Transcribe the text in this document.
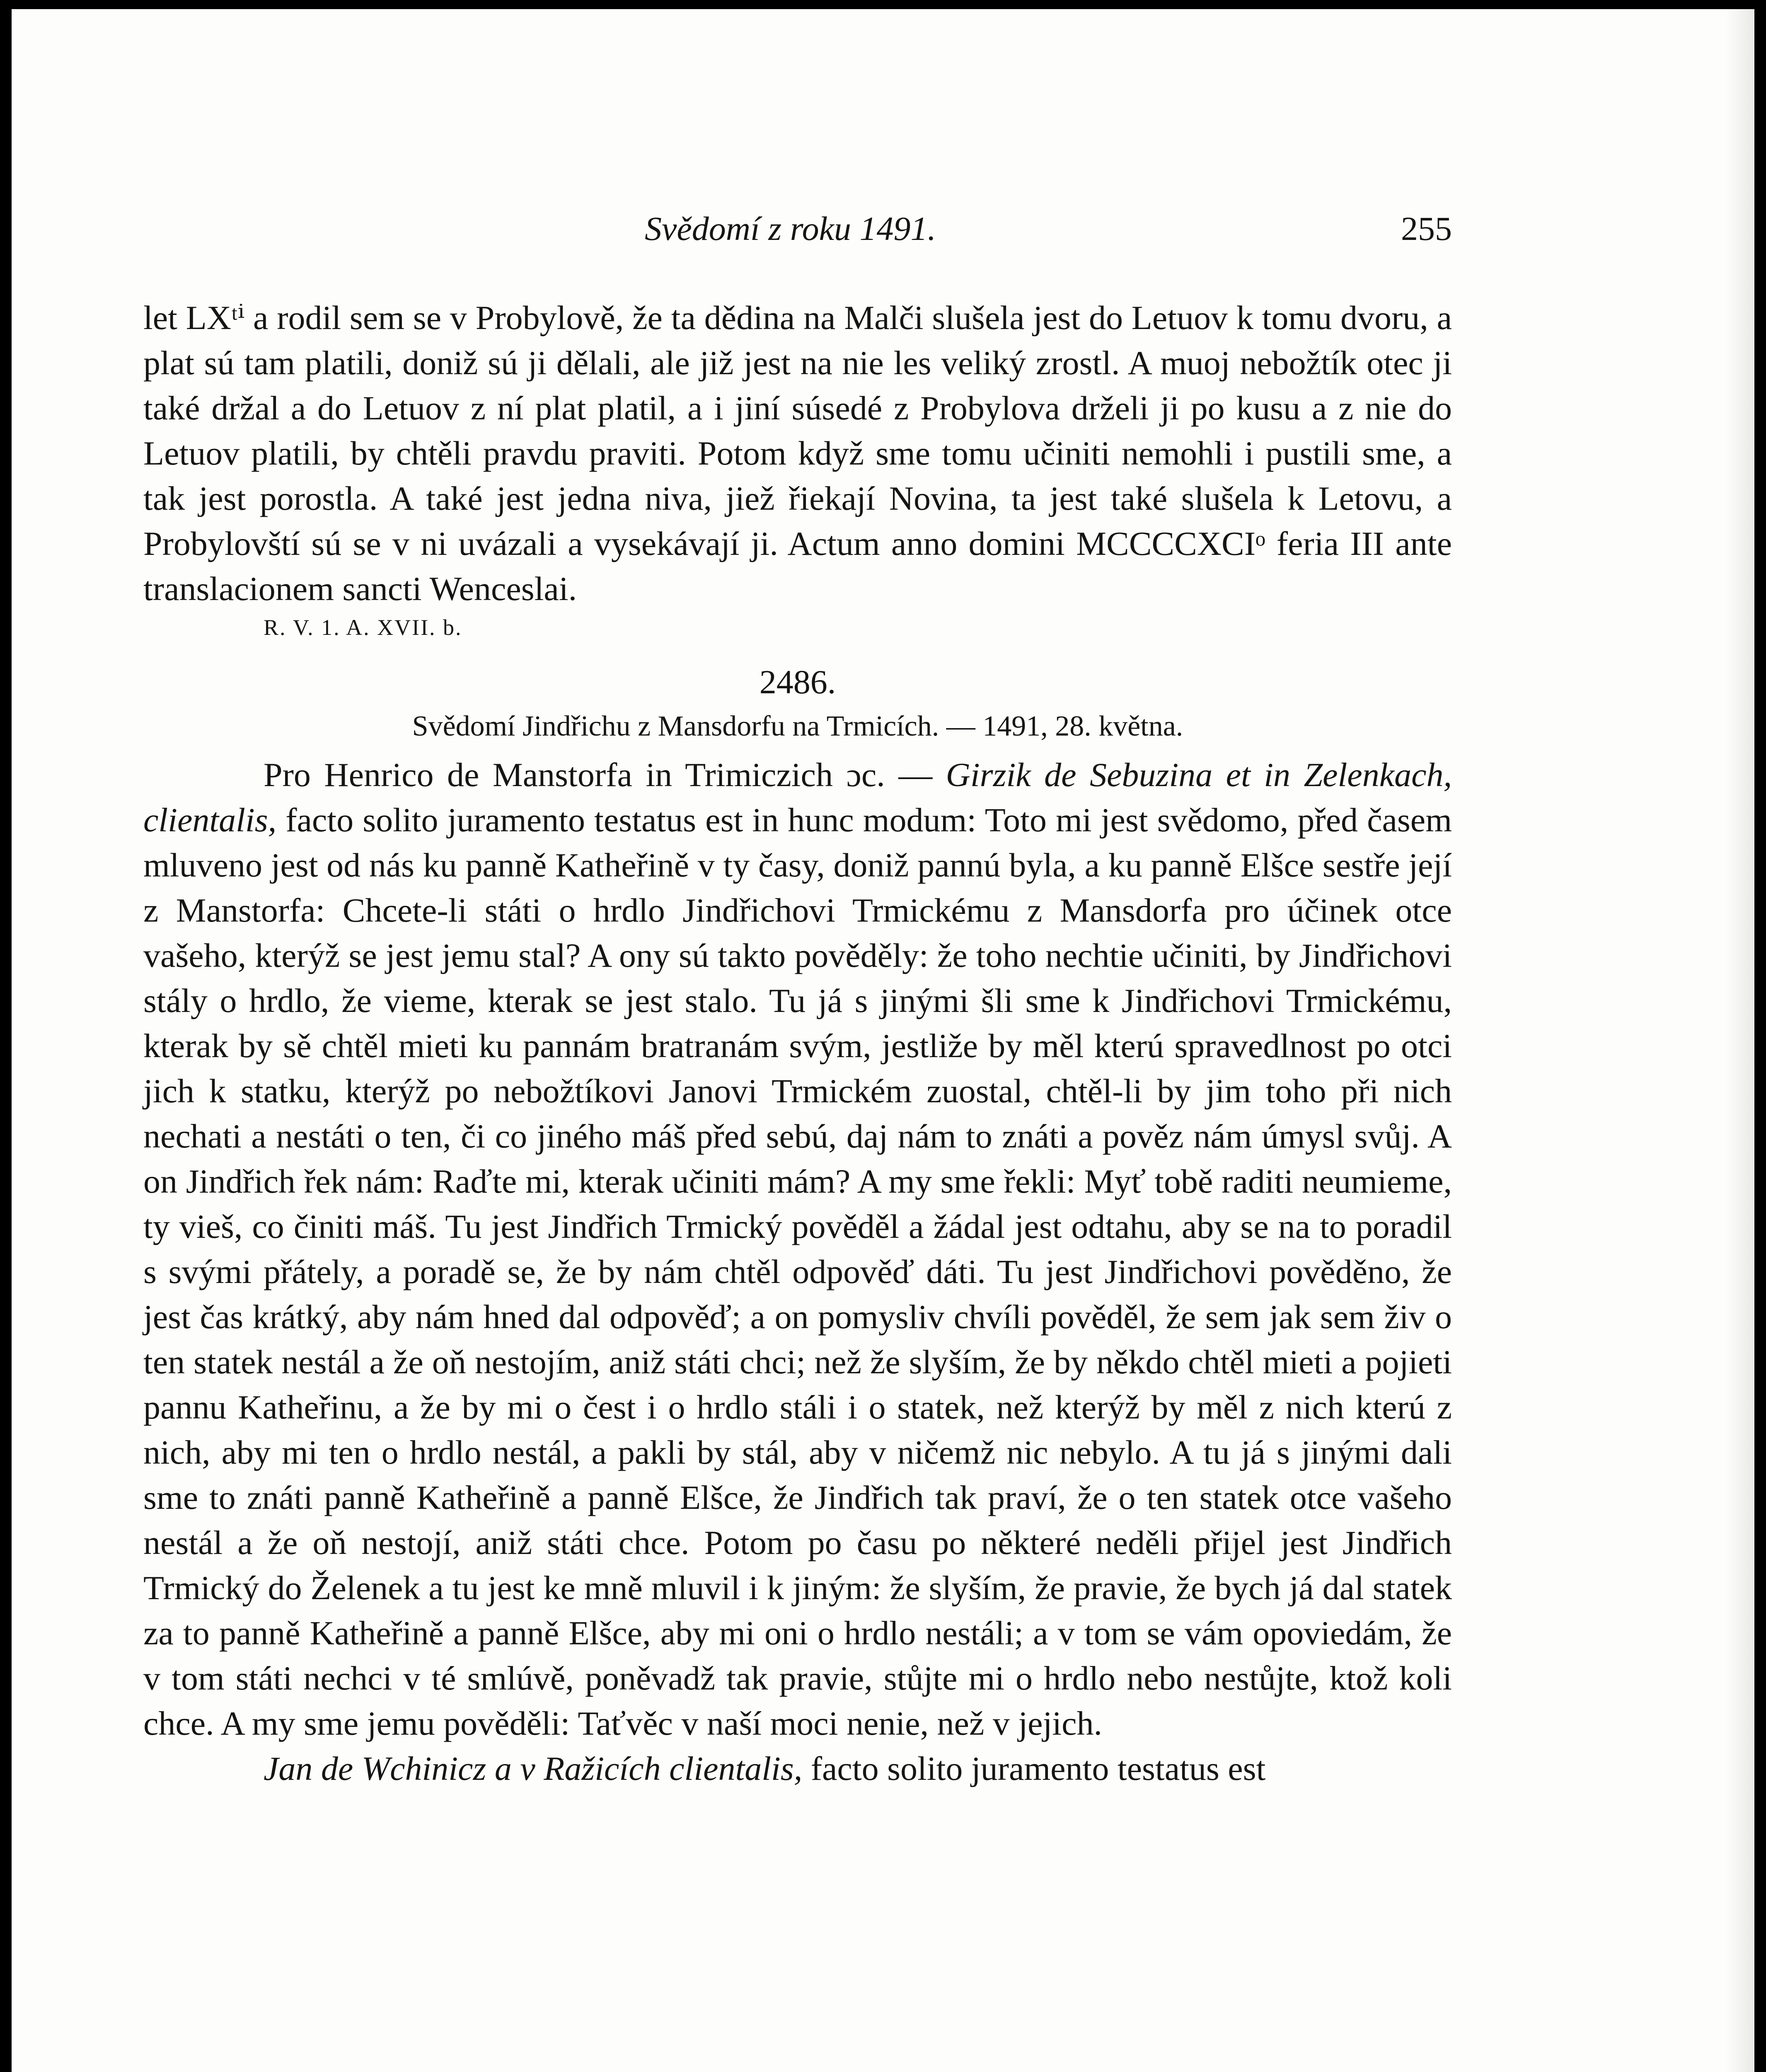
Svědomí z roku 1491.	255

let LXᵗⁱ a rodil sem se v Probylově, že ta dědina na Malči slušela jest do Letuov k tomu dvoru, a plat sú tam platili, doniž sú ji dělali, ale již jest na nie les veliký zrostl. A muoj nebožtík otec ji také držal a do Letuov z ní plat platil, a i jiní súsedé z Probylova drželi ji po kusu a z nie do Letuov platili, by chtěli pravdu praviti. Potom když sme tomu učiniti nemohli i pustili sme, a tak jest porostla. A také jest jedna niva, jiež řiekají Novina, ta jest také slušela k Letovu, a Probylovští sú se v ni uvázali a vysekávají ji. Actum anno domini MCCCCXCIᵒ feria III ante translacionem sancti Wenceslai.

R. V. 1. A. XVII. b.
2486.
Svědomí Jindřichu z Mansdorfu na Trmicích. — 1491, 28. května.

Pro Henrico de Manstorfa in Trimiczich ɔc. — Girzik de Sebuzina et in Zelenkach, clientalis, facto solito juramento testatus est in hunc modum: Toto mi jest svědomo, před časem mluveno jest od nás ku panně Katheřině v ty časy, doniž pannú byla, a ku panně Elšce sestře její z Manstorfa: Chcete-li státi o hrdlo Jindřichovi Trmickému z Mansdorfa pro účinek otce vašeho, kterýž se jest jemu stal? A ony sú takto pověděly: že toho nechtie učiniti, by Jindřichovi stály o hrdlo, že vieme, kterak se jest stalo. Tu já s jinými šli sme k Jindřichovi Trmickému, kterak by sě chtěl mieti ku pannám bratranám svým, jestliže by měl kterú spravedlnost po otci jich k statku, kterýž po nebožtíkovi Janovi Trmickém zuostal, chtěl-li by jim toho při nich nechati a nestáti o ten, či co jiného máš před sebú, daj nám to znáti a pověz nám úmysl svůj. A on Jindřich řek nám: Raďte mi, kterak učiniti mám? A my sme řekli: Myť tobě raditi neumieme, ty vieš, co činiti máš. Tu jest Jindřich Trmický pověděl a žádal jest odtahu, aby se na to poradil s svými přátely, a poradě se, že by nám chtěl odpověď dáti. Tu jest Jindřichovi pověděno, že jest čas krátký, aby nám hned dal odpověď; a on pomysliv chvíli pověděl, že sem jak sem živ o ten statek nestál a že oň nestojím, aniž státi chci; než že slyším, že by někdo chtěl mieti a pojieti pannu Katheřinu, a že by mi o čest i o hrdlo stáli i o statek, než kterýž by měl z nich kterú z nich, aby mi ten o hrdlo nestál, a pakli by stál, aby v ničemž nic nebylo. A tu já s jinými dali sme to znáti panně Katheřině a panně Elšce, že Jindřich tak praví, že o ten statek otce vašeho nestál a že oň nestojí, aniž státi chce. Potom po času po některé neděli přijel jest Jindřich Trmický do Želenek a tu jest ke mně mluvil i k jiným: že slyším, že pravie, že bych já dal statek za to panně Katheřině a panně Elšce, aby mi oni o hrdlo nestáli; a v tom se vám opoviedám, že v tom státi nechci v té smlúvě, poněvadž tak pravie, stůjte mi o hrdlo nebo nestůjte, ktož koli chce. A my sme jemu pověděli: Taťvěc v naší moci nenie, než v jejich.

Jan de Wchinicz a v Ražicích clientalis, facto solito juramento testatus est
